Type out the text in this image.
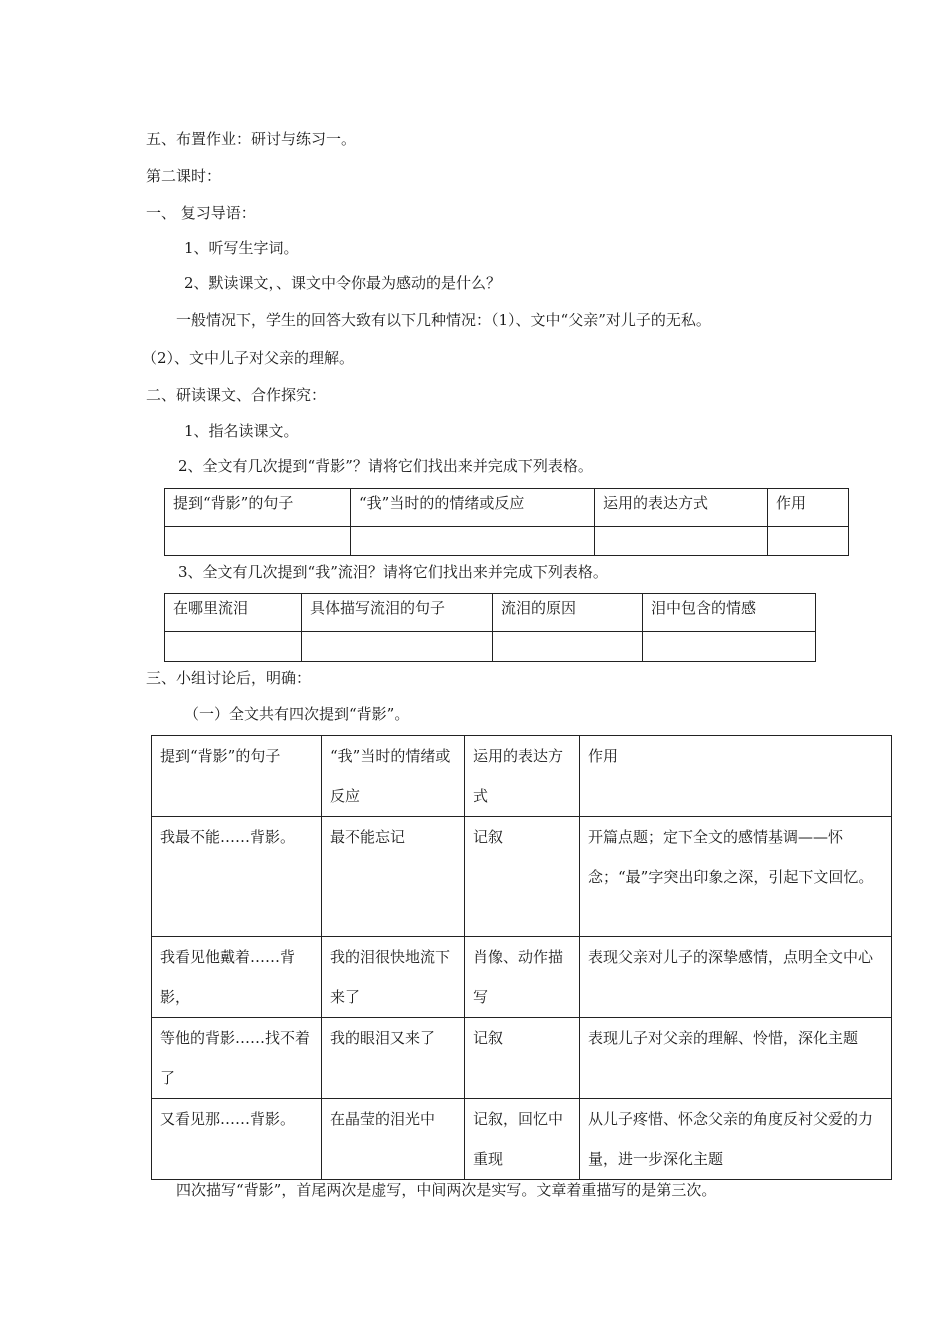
五、布置作业：研讨与练习一。
第二课时：
一、 复习导语：
1、听写生字词。
2、默读课文，、课文中令你最为感动的是什么？
一般情况下，学生的回答大致有以下几种情况：（1）、文中“父亲”对儿子的无私。
（2）、文中儿子对父亲的理解。
二、研读课文、合作探究：
1、指名读课文。
2、全文有几次提到“背影”？请将它们找出来并完成下列表格。
提到“背影”的句子	“我”当时的的情绪或反应	运用的表达方式	作用

3、全文有几次提到“我”流泪？请将它们找出来并完成下列表格。
在哪里流泪	具体描写流泪的句子	流泪的原因	泪中包含的情感

三、小组讨论后，明确：
（一）全文共有四次提到“背影”。
提到“背影”的句子	“我”当时的情绪或反应	运用的表达方式	作用
我最不能……背影。	最不能忘记	记叙	开篇点题；定下全文的感情基调——怀念；“最”字突出印象之深，引起下文回忆。
我看见他戴着……背影，	我的泪很快地流下来了	肖像、动作描写	表现父亲对儿子的深挚感情，点明全文中心
等他的背影……找不着了	我的眼泪又来了	记叙	表现儿子对父亲的理解、怜惜，深化主题
又看见那……背影。	在晶莹的泪光中	记叙，回忆中重现	从儿子疼惜、怀念父亲的角度反衬父爱的力量，进一步深化主题
四次描写“背影”，首尾两次是虚写，中间两次是实写。文章着重描写的是第三次。
